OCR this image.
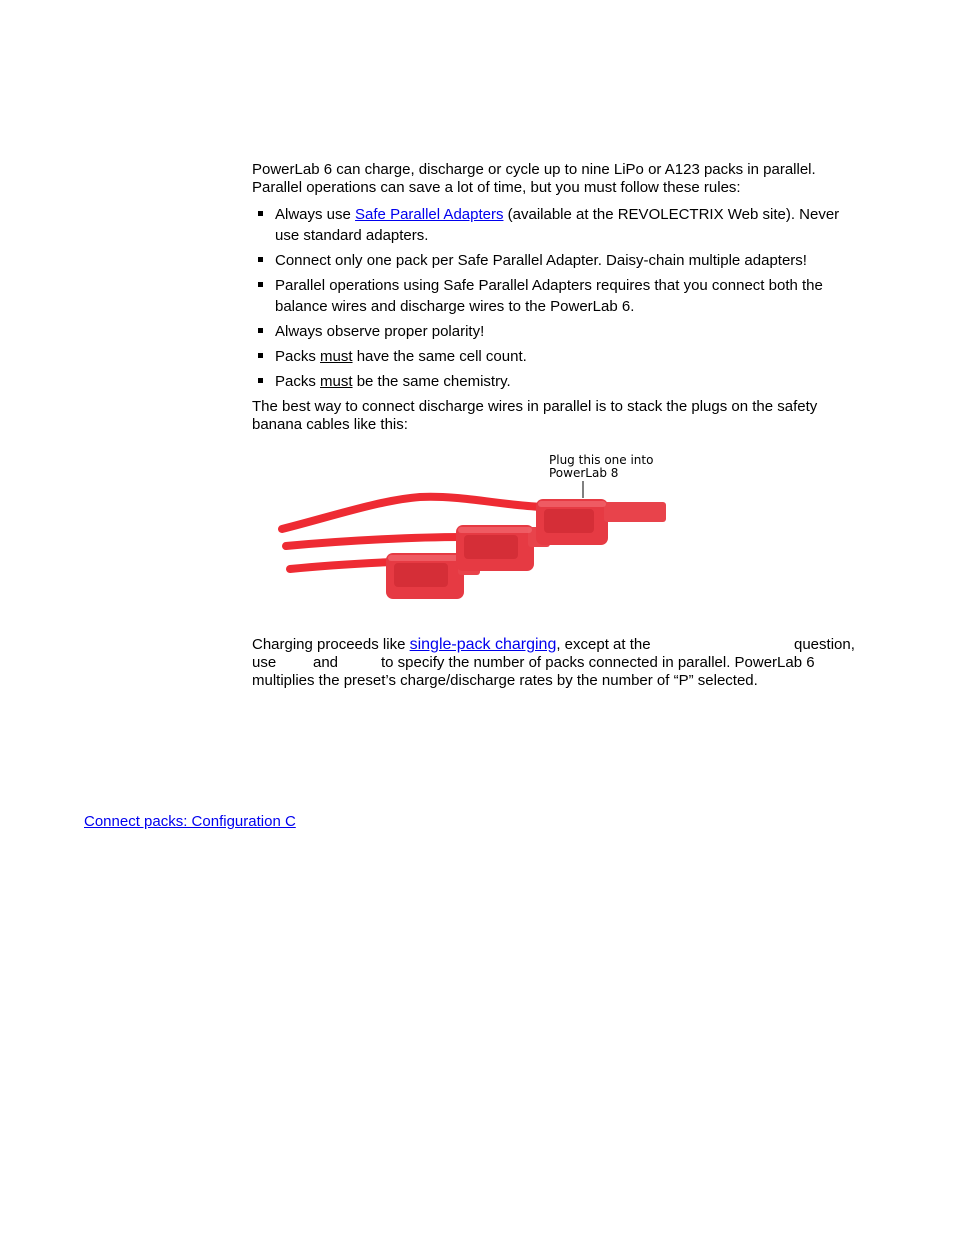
PowerLab 6 can charge, discharge or cycle up to nine LiPo or A123 packs in parallel.
Parallel operations can save a lot of time, but you must follow these rules:
Always use Safe Parallel Adapters (available at the REVOLECTRIX Web site). Never
use standard adapters.
Connect only one pack per Safe Parallel Adapter. Daisy-chain multiple adapters!
Parallel operations using Safe Parallel Adapters requires that you connect both the
balance wires and discharge wires to the PowerLab 6.
Always observe proper polarity!
Packs must have the same cell count.
Packs must be the same chemistry.
The best way to connect discharge wires in parallel is to stack the plugs on the safety
banana cables like this:
Plug this one into
PowerLab 8
Charging proceeds like single-pack charging, except at the	question,
use and	to specify the number of packs connected in parallel. PowerLab 6
multiplies the preset’s charge/discharge rates by the number of “P” selected.
Connect packs: Configuration C
